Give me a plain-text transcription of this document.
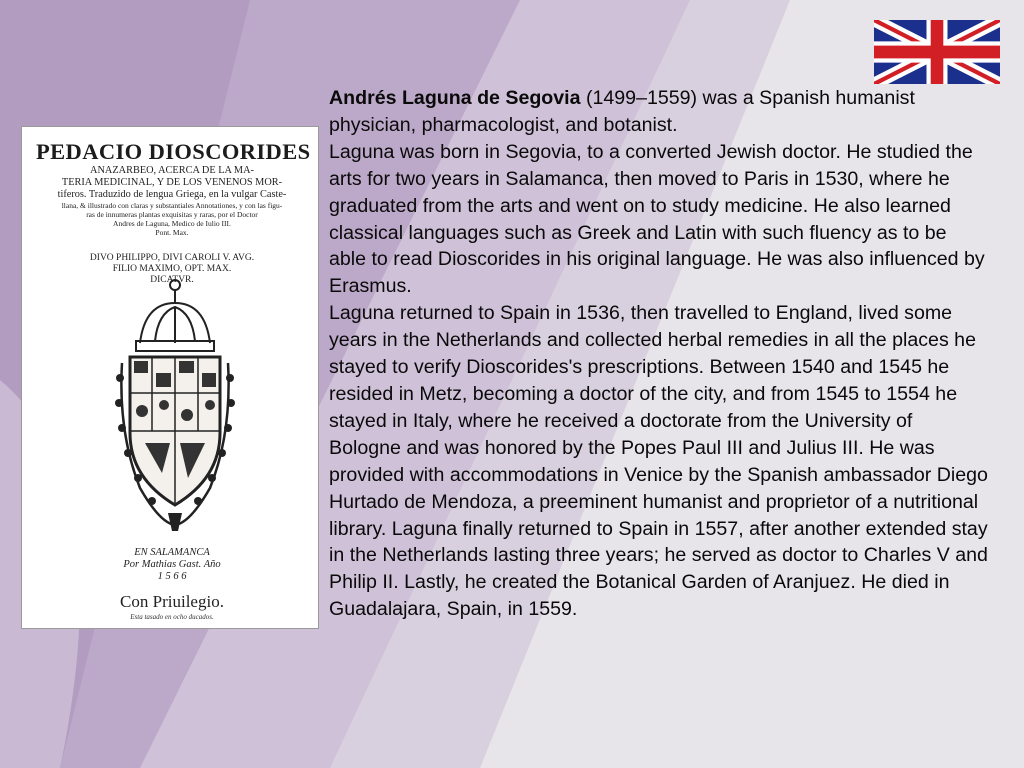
PEDACIO DIOSCORIDES
ANAZARBEO, ACERCA DE LA MA-
TERIA MEDICINAL, Y DE LOS VENENOS MOR-
tiferos. Traduzido de lengua Griega, en la vulgar Caste-
llana, & illustrado con claras y substantiales Annotationes, y con las figu-
ras de innumeras plantas exquisitas y raras, por el Doctor
Andres de Laguna, Medico de Iulio III.
Pont. Max.
DIVO PHILIPPO, DIVI CAROLI V. AVG.
FILIO MAXIMO, OPT. MAX.
DICATVR.
EN SALAMANCA
Por Mathias Gast. Año
1 5 6 6
Con Priuilegio.
Esta tasado en ocho ducados.

Andrés Laguna de Segovia (1499–1559) was a Spanish humanist physician, pharmacologist, and botanist.

Laguna was born in Segovia, to a converted Jewish doctor. He studied the arts for two years in Salamanca, then moved to Paris in 1530, where he graduated from the arts and went on to study medicine. He also learned classical languages such as Greek and Latin with such fluency as to be able to read Dioscorides in his original language. He was also influenced by Erasmus.

Laguna returned to Spain in 1536, then travelled to England, lived some years in the Netherlands and collected herbal remedies in all the places he stayed to verify Dioscorides's prescriptions. Between 1540 and 1545 he resided in Metz, becoming a doctor of the city, and from 1545 to 1554 he stayed in Italy, where he received a doctorate from the University of Bologne and was honored by the Popes Paul III and Julius III. He was provided with accommodations in Venice by the Spanish ambassador Diego Hurtado de Mendoza, a preeminent humanist and proprietor of a nutritional library. Laguna finally returned to Spain in 1557, after another extended stay in the Netherlands lasting three years; he served as doctor to Charles V and Philip II. Lastly, he created the Botanical Garden of Aranjuez. He died in Guadalajara, Spain, in 1559.
